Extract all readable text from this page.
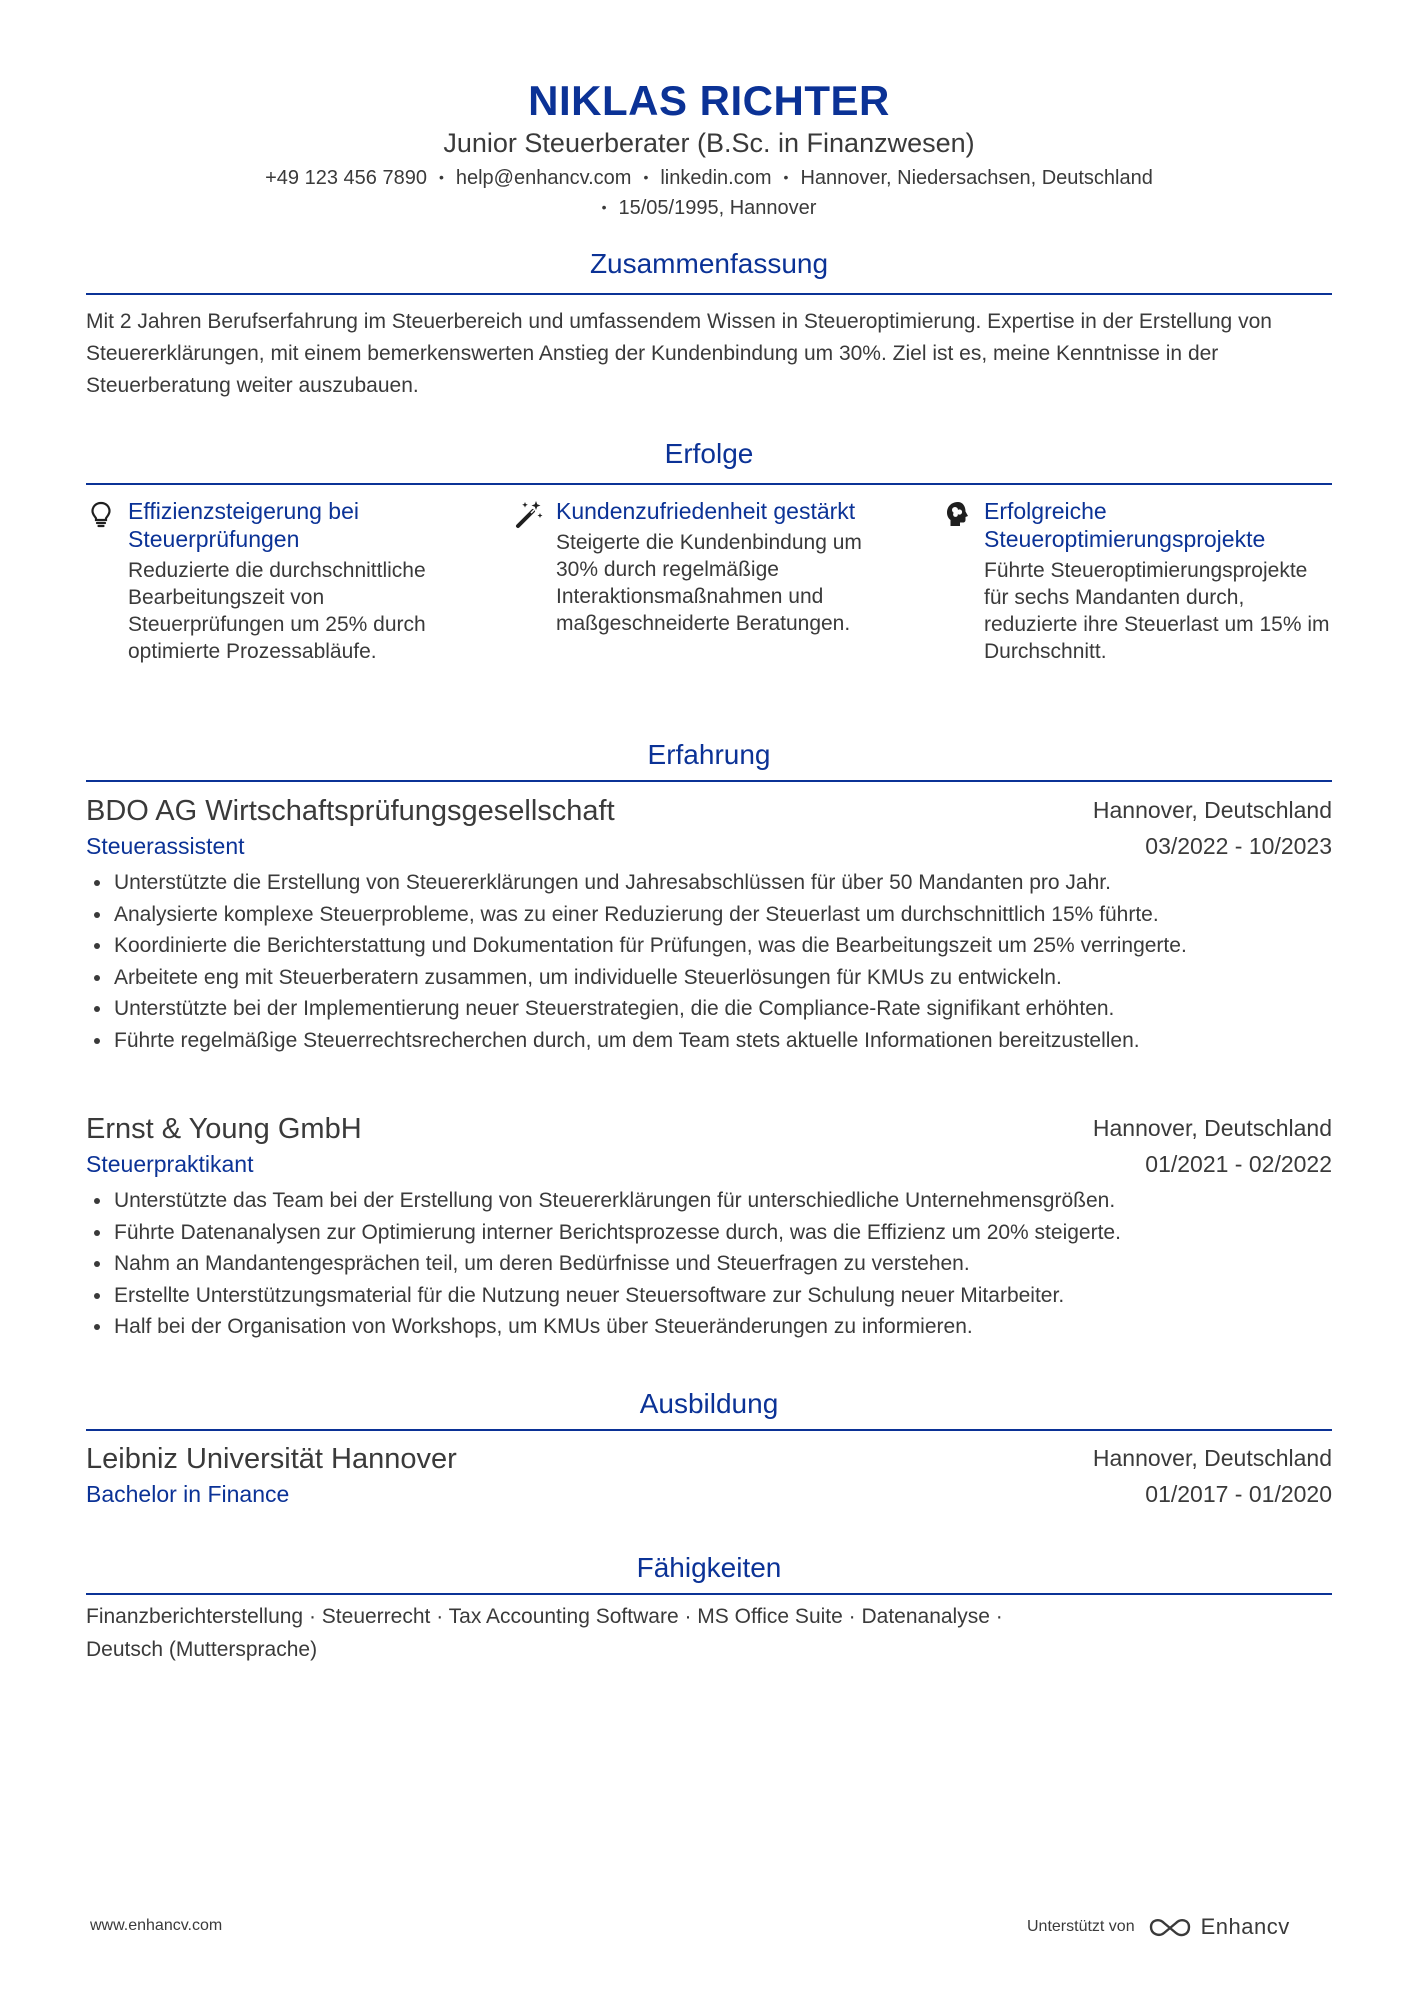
NIKLAS RICHTER
Junior Steuerberater (B.Sc. in Finanzwesen)
+49 123 456 7890 • help@enhancv.com • linkedin.com • Hannover, Niedersachsen, Deutschland
• 15/05/1995, Hannover
Zusammenfassung
Mit 2 Jahren Berufserfahrung im Steuerbereich und umfassendem Wissen in Steueroptimierung. Expertise in der Erstellung von Steuererklärungen, mit einem bemerkenswerten Anstieg der Kundenbindung um 30%. Ziel ist es, meine Kenntnisse in der Steuerberatung weiter auszubauen.
Erfolge
Effizienzsteigerung bei Steuerprüfungen
Reduzierte die durchschnittliche Bearbeitungszeit von Steuerprüfungen um 25% durch optimierte Prozessabläufe.
Kundenzufriedenheit gestärkt
Steigerte die Kundenbindung um 30% durch regelmäßige Interaktionsmaßnahmen und maßgeschneiderte Beratungen.
Erfolgreiche Steueroptimierungsprojekte
Führte Steueroptimierungsprojekte für sechs Mandanten durch, reduzierte ihre Steuerlast um 15% im Durchschnitt.
Erfahrung
BDO AG Wirtschaftsprüfungsgesellschaft	Hannover, Deutschland
Steuerassistent	03/2022 - 10/2023
Unterstützte die Erstellung von Steuererklärungen und Jahresabschlüssen für über 50 Mandanten pro Jahr.
Analysierte komplexe Steuerprobleme, was zu einer Reduzierung der Steuerlast um durchschnittlich 15% führte.
Koordinierte die Berichterstattung und Dokumentation für Prüfungen, was die Bearbeitungszeit um 25% verringerte.
Arbeitete eng mit Steuerberatern zusammen, um individuelle Steuerlösungen für KMUs zu entwickeln.
Unterstützte bei der Implementierung neuer Steuerstrategien, die die Compliance-Rate signifikant erhöhten.
Führte regelmäßige Steuerrechtsrecherchen durch, um dem Team stets aktuelle Informationen bereitzustellen.
Ernst & Young GmbH	Hannover, Deutschland
Steuerpraktikant	01/2021 - 02/2022
Unterstützte das Team bei der Erstellung von Steuererklärungen für unterschiedliche Unternehmensgrößen.
Führte Datenanalysen zur Optimierung interner Berichtsprozesse durch, was die Effizienz um 20% steigerte.
Nahm an Mandantengesprächen teil, um deren Bedürfnisse und Steuerfragen zu verstehen.
Erstellte Unterstützungsmaterial für die Nutzung neuer Steuersoftware zur Schulung neuer Mitarbeiter.
Half bei der Organisation von Workshops, um KMUs über Steueränderungen zu informieren.
Ausbildung
Leibniz Universität Hannover	Hannover, Deutschland
Bachelor in Finance	01/2017 - 01/2020
Fähigkeiten
Finanzberichterstellung · Steuerrecht · Tax Accounting Software · MS Office Suite · Datenanalyse ·
Deutsch (Muttersprache)
www.enhancv.com	Unterstützt von	Enhancv
